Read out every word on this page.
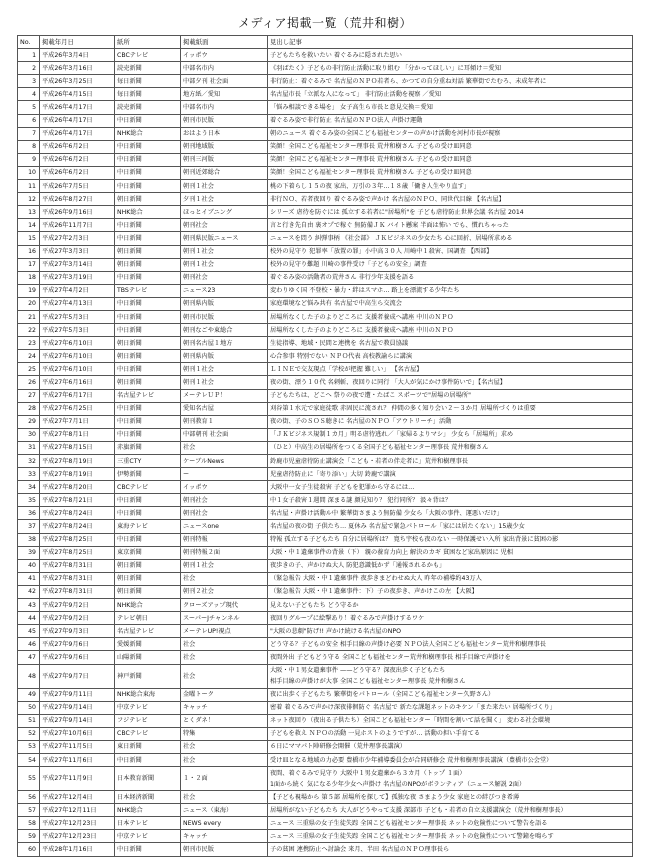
メディア掲載一覧（荒井和樹）
No.	掲載年月日	紙所	掲載紙面	見出し記事
1	平成26年3月4日	CBCテレビ	イッポウ	子どもたちを救いたい 着ぐるみに隠された思い
2	平成26年3月16日	読売新聞	中部名市内	《羽ばたく》子どもの非行防止活動に取り組む 「分かってほしい」に耳傾け＝愛知
3	平成26年3月25日	毎日新聞	中部夕刊 社会面	非行防止：着ぐるみで 名古屋のＮＰＯ若者ら、かつての自分重ね対話 繁華街でたむろ、未成年者に
4	平成26年4月15日	毎日新聞	地方紙／愛知	名古屋市長「立派な人になって」 非行防止活動を視察 ／愛知
5	平成26年4月17日	読売新聞	中部名市内	「悩み相談できる場を」 女子高生ら市長と意見交換＝愛知
6	平成26年4月17日	中日新聞	朝刊市民版	着ぐるみ姿で非行防止 名古屋のＮＰＯ法人 声掛け運動
7	平成26年4月17日	NHK総合	おはよう日本	朝のニュース 着ぐるみ姿の全国こども福祉センターの声かけ活動を河村市長が視察
8	平成26年6月2日	中日新聞	朝刊地域版	笑顔！全国こども福祉センター理事長 荒井和樹さん 子どもの受け皿同意
9	平成26年6月2日	中日新聞	朝刊三河版	笑顔！全国こども福祉センター理事長 荒井和樹さん 子どもの受け皿同意
10	平成26年6月2日	中日新聞	朝刊近郊総合	笑顔！全国こども福祉センター理事長 荒井和樹さん 子どもの受け皿同意
11	平成26年7月5日	中日新聞	朝刊１社会	桃の下着らし１５の夜 家出、万引の３年…１８歳「働き人生やり直す」
12	平成26年8月27日	朝日新聞	夕刊１社会	非行ＮＯ、若者夜回り 着ぐるみ姿で声かけ 名古屋のＮＰＯ、同世代目線 【名古屋】
13	平成26年9月16日	NHK総合	ほっとイブニング	シリーズ 虐待を防ぐには 孤立する若者に"居場所"を 子ども虐待防止世界会議 名古屋 2014
14	平成26年11月7日	中日新聞	朝刊社会	言と行き先自由 裏オプで稼ぐ 無防備ＪＫ バイト懸案 半面は怖い でも、慣れちゃった
15	平成27年2月3日	中日新聞	朝刊県民版ニュース	ニュースを問う 糾弾事柄 《社会部》 ＪＫビジネスの少女たち 心に回折、居場所求める
16	平成27年3月3日	朝日新聞	朝刊１社会	校外の見守り 犯罪率「放置の罪」小中高３０人 川崎中１殺害、国調査 【西部】
17	平成27年3月14日	朝日新聞	朝刊１社会	校外の見守り難題 川崎の事件受け「子どもの安全」調査
18	平成27年3月19日	中日新聞	朝刊社会	着ぐるみ姿の活動者の荒井さん 非行少年支援を語る
19	平成27年4月2日	TBSテレビ	ニュース23	変わりゆく国 不登校・暴力・絆はスマホ… 路上を漂流する少年たち
20	平成27年4月13日	中日新聞	朝刊県内版	家庭環境など悩み共有 名古屋で中高生ら交流会
21	平成27年5月3日	中日新聞	朝刊市民版	居場所なくした子のよりどころに 支援者養成へ講座 中川のＮＰＯ
22	平成27年5月3日	中日新聞	朝刊なごや東総合	居場所なくした子のよりどころに 支援者養成へ講座 中川のＮＰＯ
23	平成27年6月10日	朝日新聞	朝刊名古屋１地方	生徒指導、地域・民間と連携を 名古屋で教員協議
24	平成27年6月10日	朝日新聞	朝刊県内版	心合参事 特別でない ＮＰＯ代表 高校教諭らに講演
25	平成27年6月10日	中日新聞	朝刊１社会	ＬＩＮＥで交友現点「学校が把握 難しい」 【名古屋】
26	平成27年6月16日	朝日新聞	朝刊１社会	夜の街、漂う１０代 名刺斬、夜回りに同行 「大人が気にかけ事件防いで」【名古屋】
27	平成27年6月17日	名古屋テレビ	メーテレＵＰ！	子どもたちは、どこへ 祭りの夜で遭・たばこ スポーツで"居場の居場所"
28	平成27年6月25日	中日新聞	愛知名古屋	刈谷第１水元で家庭徒歌 赤固民に流され？ 仲間の多く知り会い２～３か月 居場所づくりは重要
29	平成27年7月1日	中日新聞	朝刊教育１	夜の街、子のＳＯＳ聴きに 名古屋のＮＰＯ「アウトリーチ」活動
30	平成27年8月1日	中日新聞	中部朝刊 社会面	「ＪＫビジネス規制１カ月」明る虐待逃れ／「家帰るよりマシ」 少女ら「居場所」求め
31	平成27年8月15日	赤旗新聞	社会	（ひと）中高生の居場所をつくる全国子ども福祉センター理事長 荒井和樹さん
32	平成27年8月19日	三重CTY	ケーブルNews	鈴鹿市児童虐待防止講演会「こども・若者の伴走者に」荒井和樹理事長
33	平成27年8月19日	伊勢新聞	ー	児童虐待防止に「寄り添い」大切 鈴鹿で講演
34	平成27年8月20日	CBCテレビ	イッポウ	大阪中一女子生徒殺害 子どもを犯罪から守るには…
35	平成27年8月21日	中日新聞	朝刊社会	中１女子殺害１週間 深まる謎 顔見知り？ 犯行同所？ 汲々背は？
36	平成27年8月24日	中日新聞	朝刊社会	名古屋・声掛け活動ル中 繁華街さまよう無防備 少女ら「大阪の事件、運悪いだけ」
37	平成27年8月24日	東海テレビ	ニュースone	名古屋の夜の街 子供たち… 夏休み 名古屋で緊急パトロール「家には居たくない」15歳少女
38	平成27年8月25日	中日新聞	朝刊特報	特報 孤立する子どもたち 自分に居場所は？ 寛ち宇校も夜のない 一時保護せい入所 家出背景に貧困の影
39	平成27年8月25日	東京新聞	朝刊特報２面	大阪・中１遺棄事件の背景（下） 親の養育力向上 解決のカギ 貧困など家出原因に 児相
40	平成27年8月31日	朝日新聞	朝刊１社会	夜歩きの子、声かけぬ大人 防犯意識低かず「通報されるかも」
41	平成27年8月31日	朝日新聞	社会	（緊急報告 大阪・中１遺棄事件 夜歩きまどわせぬ大人 昨年の補導約43万人
42	平成27年8月31日	朝日新聞	朝刊２社会	（緊急報告 大阪・中１遺棄事件：下）子の夜歩き、声かけこの左 【大阪】
43	平成27年9月2日	NHK総合	クローズアップ現代	見えない子どもたち どう守るか
44	平成27年9月2日	テレビ朝日	スーパーJチャンネル	夜回りグループに絵撃あり！着ぐるみで声掛けするワケ
45	平成27年9月3日	名古屋テレビ	メーテレUP!視点	"大阪の悲劇"防げ!! 声かけ続ける名古屋のNPO
46	平成27年9月6日	愛媛新聞	社会	どう守る？子どもの安全 相手目線の声掛け必要 ＮＰＯ法人全国こども福祉センター荒井和樹理事長
47	平成27年9月6日	山陽新聞	社会	夜間外出 子どもどう守る 全国こども福祉センター荒井和樹理事長 相手目線で声掛けを
48	平成27年9月7日	神戸新聞	社会	大阪・中１男女遺棄事件 ——どう守る？深夜出歩く子どもたち
相手目線の声掛けが大事 全国こども福祉センター理事長 荒井和樹さん
49	平成27年9月11日	NHK総合東海	金曜トーク	夜に出歩く子どもたち 繁華街をパトロール（全国こども福祉センター久野さん）
50	平成27年9月14日	中京テレビ	キャッチ	密着 着ぐるみで声かけ深夜徘徊防ぐ 名古屋で 新たな課題ネットのキケン「また来たい 居場所づくり」
51	平成27年9月14日	フジテレビ	とくダネ！	ネット夜回り（夜出る子供たち）全国こども福祉センター「時間を割いて話を聞く」 変わる社会環境
52	平成27年10月6日	CBCテレビ	特集	子どもを救え ＮＰＯの活動 一見ホストのようですが… 活動の担い手育てる
53	平成27年11月5日	東日新聞	社会	６日にママパト陣研修会開催（荒井理事長講演）
54	平成27年11月6日	中日新聞	社会	受け皿となる地域の力必要 豊橋市少年補導委員会が合同研修会 荒井和樹理事長講演（豊橋市公会堂）
55	平成27年11月9日	日本教育新聞	１・２面	夜間、着ぐるみで見守り 大阪中１男女遺棄から３カ月（トップ １面）
1面から続く 気になる少年少女へ声掛け 名古屋のNPOがボランティア（ニュース解説 2面）
56	平成27年12月4日	日本経済新聞	社会	【子ども視場から 第５部 居場所を探して】孤独な夜 さまよう少女 家庭との絆びつき希薄
57	平成27年12月11日	NHK総合	ニュース（東海）	居場所がない子どもたち 大人がどうやって支援 深部市 子ども・若者の自立支援講演会（荒井和樹理事長）
58	平成27年12月23日	日本テレビ	NEWS every	ニュース 三重県の女子生徒失踪 全国こども福祉センター理事長 ネットの危険性について警告を語る
59	平成27年12月23日	中京テレビ	キャッチ	ニュース 三重県の女子生徒失踪 全国こども福祉センター理事長 ネットの危険性について警鐘を鳴らす
60	平成28年1月16日	中日新聞	朝刊市民版	子の貧困 連携防止へ討論会 来月、半田 名古屋のＮＰＯ理事長ら
